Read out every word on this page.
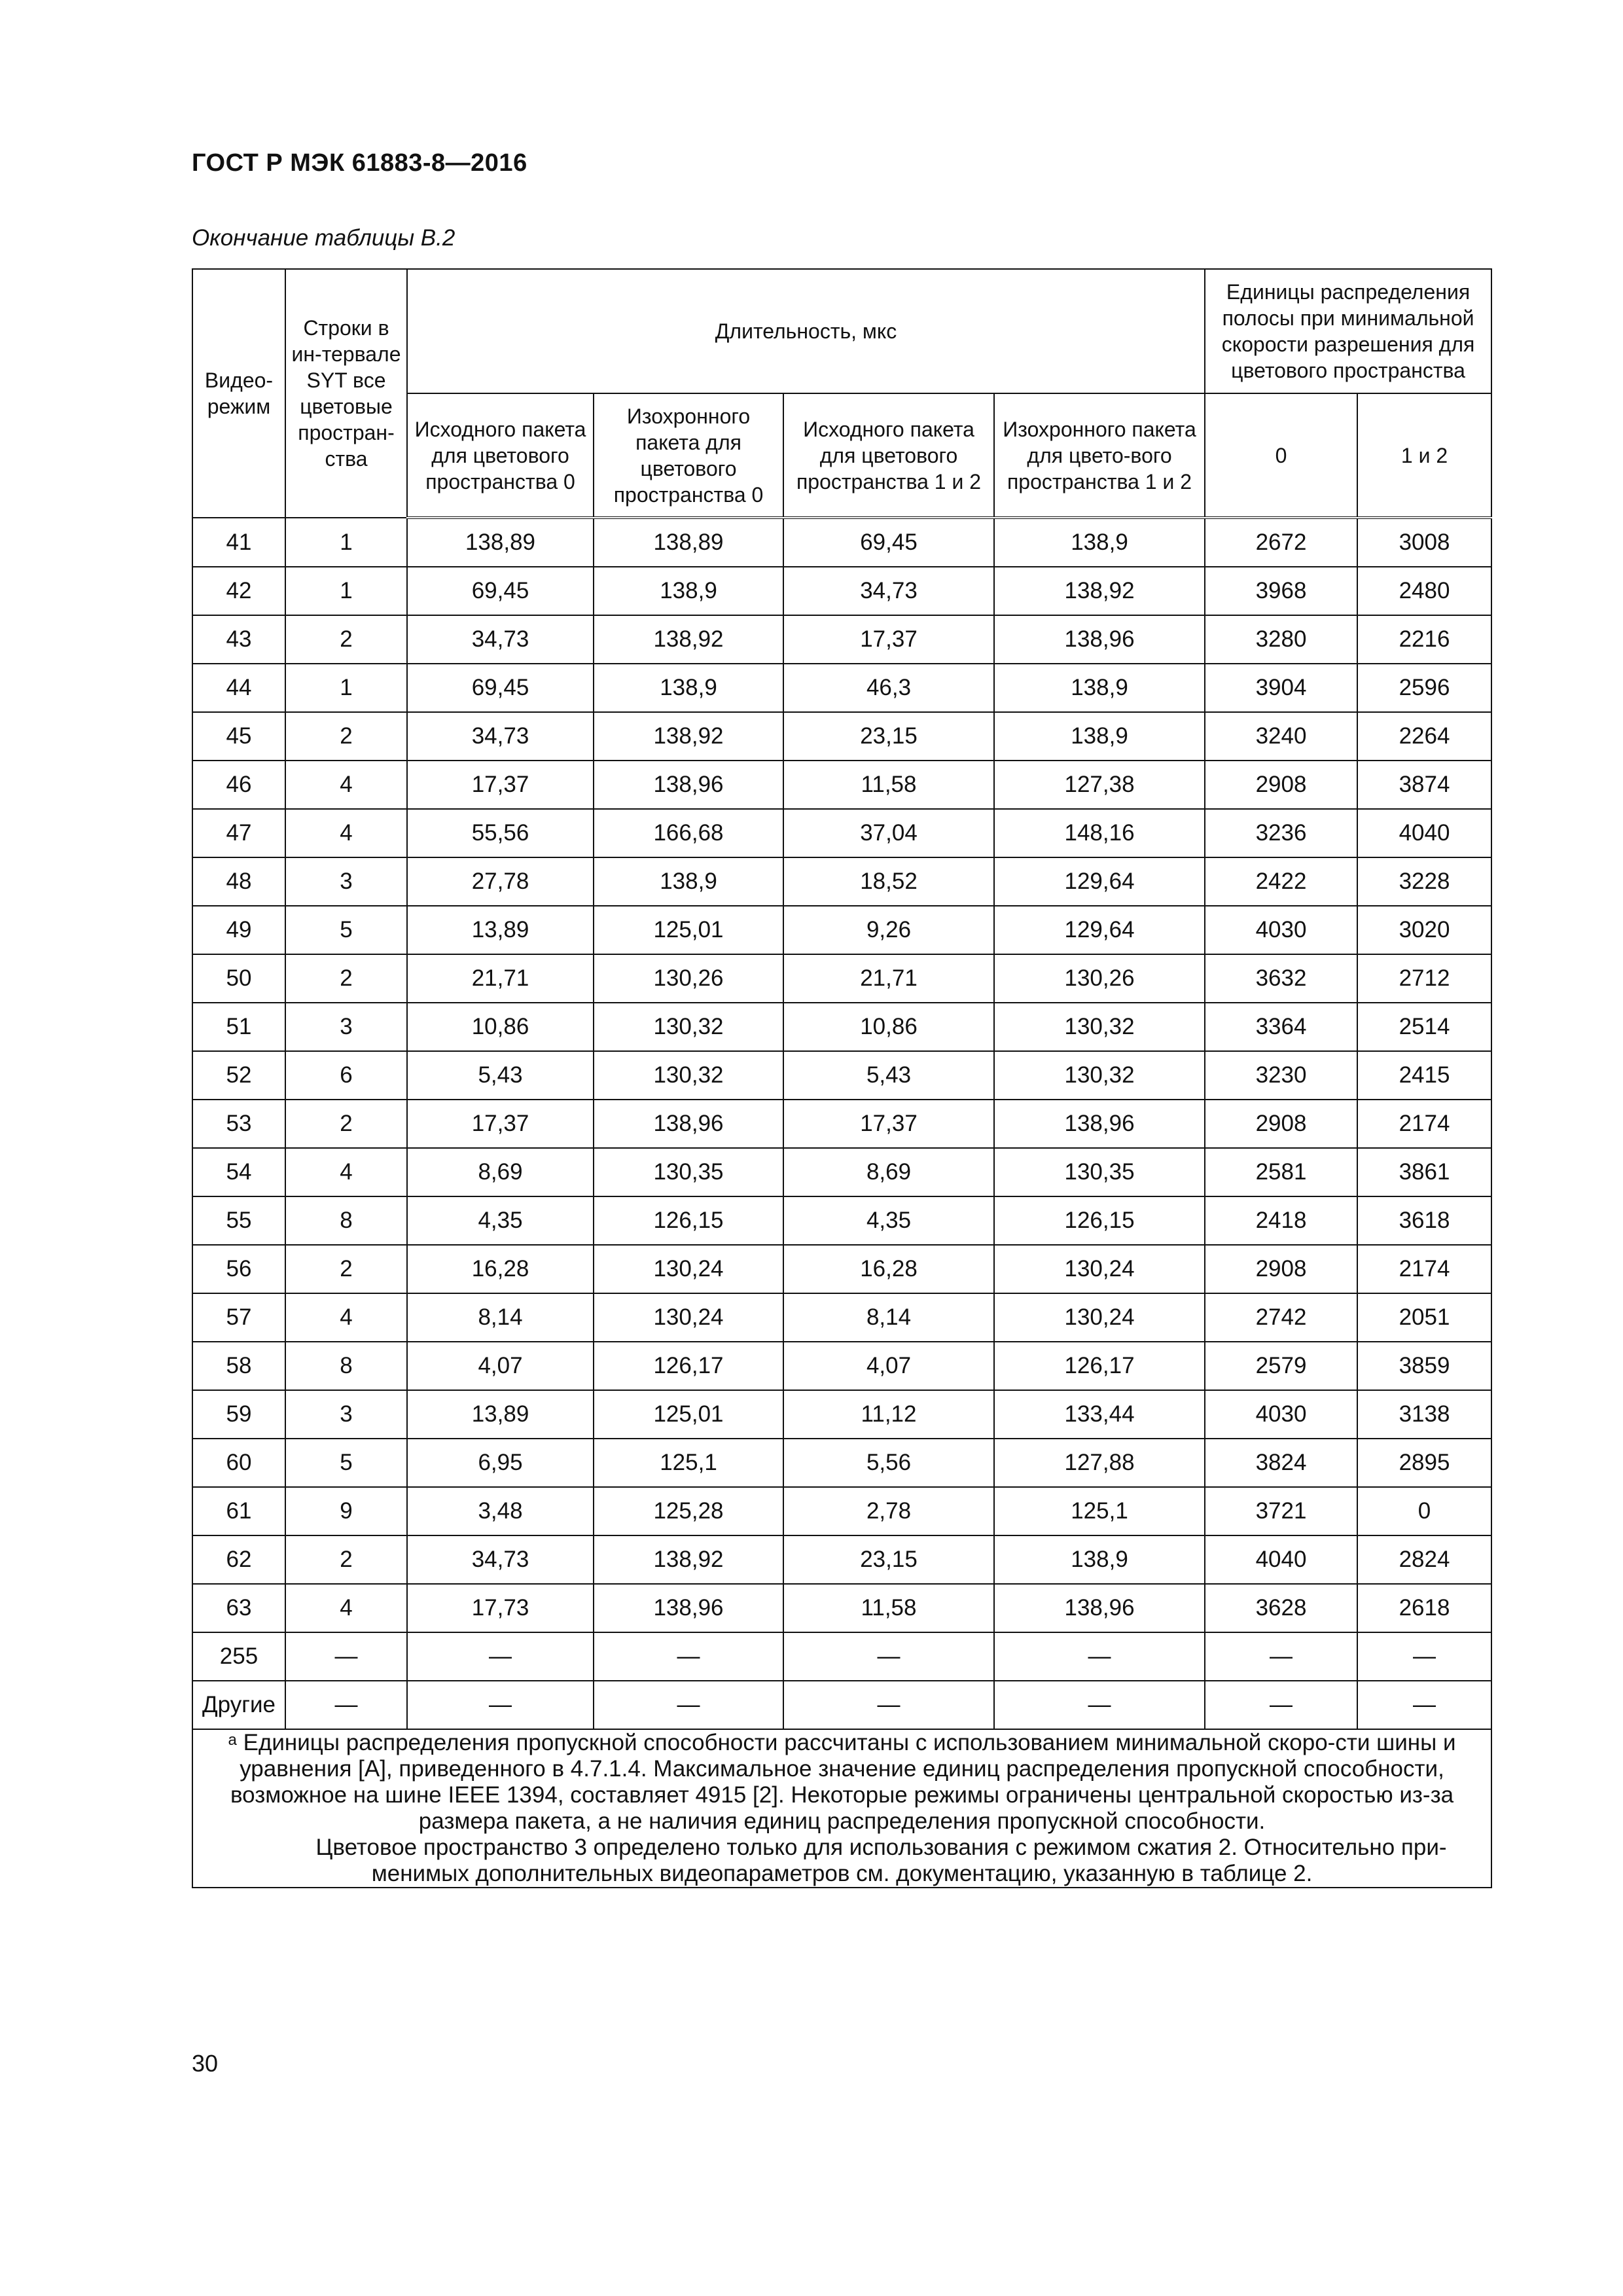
ГОСТ Р МЭК 61883-8—2016
Окончание таблицы В.2
Видео-режим	Строки в ин-тервале SYT все цветовые простран-ства	Длительность, мкс				Единицы распределения полосы при минимальной скорости разрешения для цветового пространства	
		Исходного пакета для цветового пространства 0	Изохронного пакета для цветового пространства 0	Исходного пакета для цветового пространства 1 и 2	Изохронного пакета для цвето-вого пространства 1 и 2	0	1 и 2
41	1	138,89	138,89	69,45	138,9	2672	3008
42	1	69,45	138,9	34,73	138,92	3968	2480
43	2	34,73	138,92	17,37	138,96	3280	2216
44	1	69,45	138,9	46,3	138,9	3904	2596
45	2	34,73	138,92	23,15	138,9	3240	2264
46	4	17,37	138,96	11,58	127,38	2908	3874
47	4	55,56	166,68	37,04	148,16	3236	4040
48	3	27,78	138,9	18,52	129,64	2422	3228
49	5	13,89	125,01	9,26	129,64	4030	3020
50	2	21,71	130,26	21,71	130,26	3632	2712
51	3	10,86	130,32	10,86	130,32	3364	2514
52	6	5,43	130,32	5,43	130,32	3230	2415
53	2	17,37	138,96	17,37	138,96	2908	2174
54	4	8,69	130,35	8,69	130,35	2581	3861
55	8	4,35	126,15	4,35	126,15	2418	3618
56	2	16,28	130,24	16,28	130,24	2908	2174
57	4	8,14	130,24	8,14	130,24	2742	2051
58	8	4,07	126,17	4,07	126,17	2579	3859
59	3	13,89	125,01	11,12	133,44	4030	3138
60	5	6,95	125,1	5,56	127,88	3824	2895
61	9	3,48	125,28	2,78	125,1	3721	0
62	2	34,73	138,92	23,15	138,9	4040	2824
63	4	17,73	138,96	11,58	138,96	3628	2618
255	—	—	—	—	—	—	—
Другие	—	—	—	—	—	—	—

$^a$ Единицы распределения пропускной способности рассчитаны с использованием минимальной скоро-сти шины и уравнения [А], приведенного в 4.7.1.4. Максимальное значение единиц распределения пропускной способности, возможное на шине IEEE 1394, составляет 4915 [2]. Некоторые режимы ограничены центральной скоростью из-за размера пакета, а не наличия единиц распределения пропускной способности.
Цветовое пространство 3 определено только для использования с режимом сжатия 2. Относительно при-менимых дополнительных видеопараметров см. документацию, указанную в таблице 2.							
30
